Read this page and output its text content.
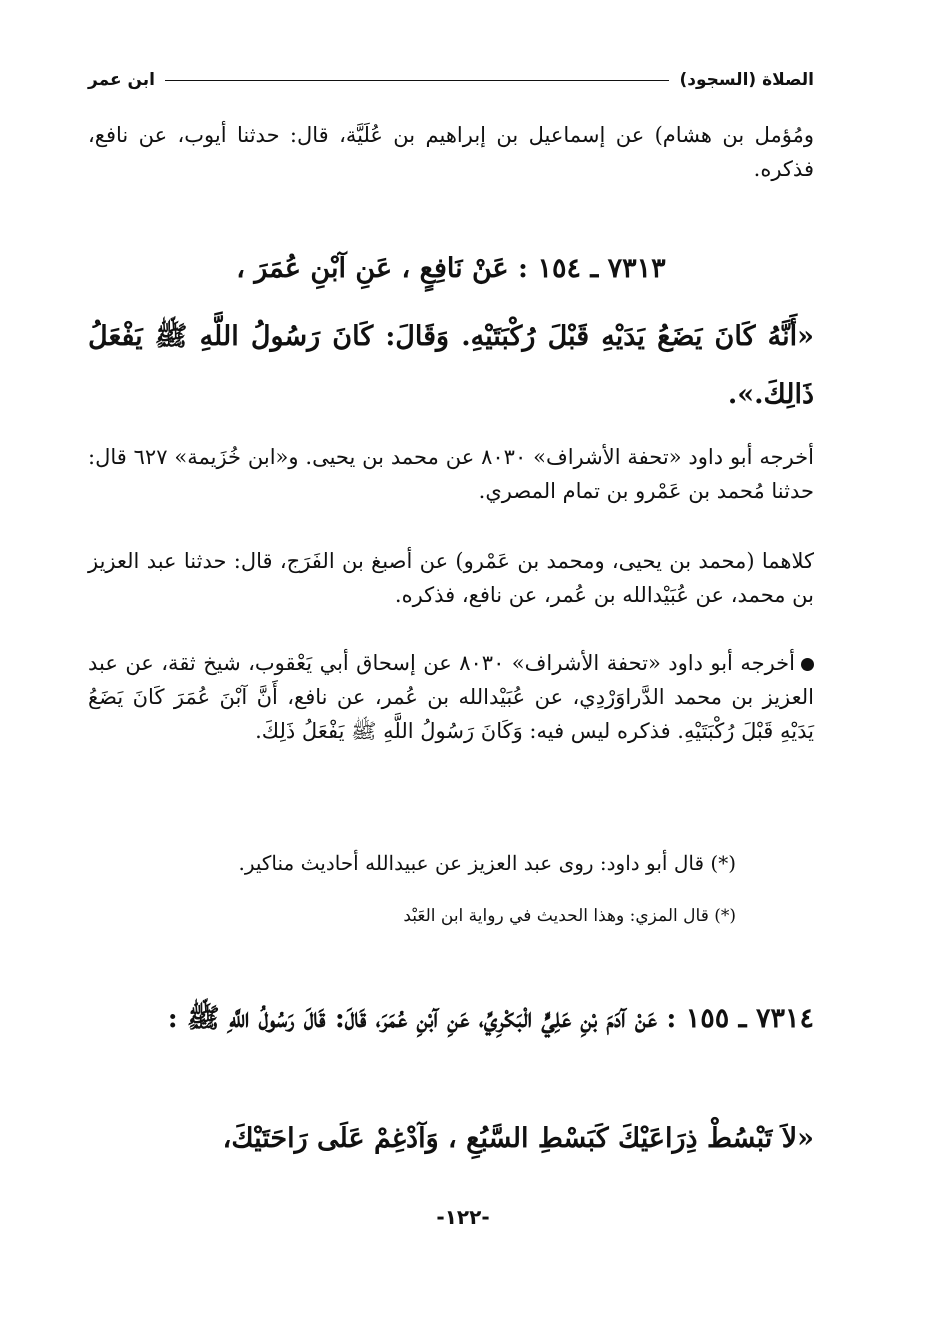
الصلاة (السجود)
ابن عمر
ومُؤمل بن هشام) عن إسماعيل بن إبراهيم بن عُلَيَّة، قال: حدثنا أيوب، عن نافع، فذكره.
٧٣١٣ ـ ١٥٤ : عَنْ نَافِعٍ ، عَنِ آبْنِ عُمَرَ ،
«أَنَّهُ كَانَ يَضَعُ يَدَيْهِ قَبْلَ رُكْبَتَيْهِ. وَقَالَ: كَانَ رَسُولُ اللَّهِ ﷺ يَفْعَلُ ذَالِكَ.».
أخرجه أبو داود «تحفة الأشراف» ٨٠٣٠ عن محمد بن يحيى. و«ابن خُزَيمة» ٦٢٧ قال: حدثنا مُحمد بن عَمْرو بن تمام المصري.
كلاهما (محمد بن يحيى، ومحمد بن عَمْرو) عن أصبغ بن الفَرَج، قال: حدثنا عبد العزيز بن محمد، عن عُبَيْدالله بن عُمر، عن نافع، فذكره.
أخرجه أبو داود «تحفة الأشراف» ٨٠٣٠ عن إسحاق أبي يَعْقوب، شيخ ثقة، عن عبد العزيز بن محمد الدَّراوَرْدِي، عن عُبَيْدالله بن عُمر، عن نافع، أَنَّ آبْنَ عُمَرَ كَانَ يَضَعُ يَدَيْهِ قَبْلَ رُكْبَتَيْهِ. فذكره ليس فيه: وَكَانَ رَسُولُ اللَّهِ ﷺ يَفْعَلُ ذَلِكَ.
(*) قال أبو داود: روى عبد العزيز عن عبيدالله أحاديث مناكير.
(*) قال المزي: وهذا الحديث في رواية ابن العَبْد
٧٣١٤ ـ ١٥٥ : عَنْ آدَمَ بْنِ عَلِيٍّ الْبَكْرِيِّ، عَنِ آبْنِ عُمَرَ، قَالَ: قَالَ رَسُولُ اللَّهِ ﷺ :
«لاَ تَبْسُطْ ذِرَاعَيْكَ كَبَسْطِ السَّبُعِ ، وَآدْغِمْ عَلَى رَاحَتَيْكَ،
-١٢٢-
